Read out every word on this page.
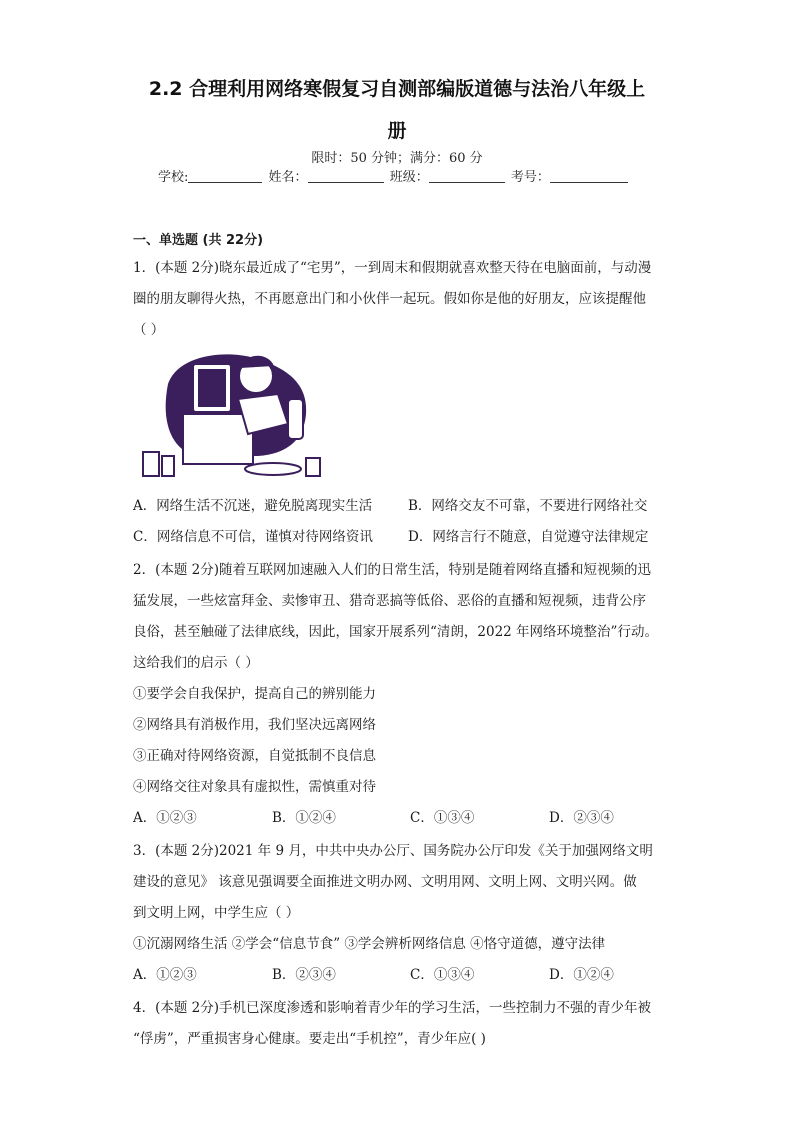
2.2 合理利用网络寒假复习自测部编版道德与法治八年级上
册
限时：50 分钟；满分：60 分
学校:	姓名：	班级：	考号：
一、单选题 (共 22分)
1．(本题 2分)晓东最近成了“宅男”，一到周末和假期就喜欢整天待在电脑面前，与动漫
圈的朋友聊得火热，不再愿意出门和小伙伴一起玩。假如你是他的好朋友，应该提醒他
（ ）
A．网络生活不沉迷，避免脱离现实生活	B．网络交友不可靠，不要进行网络社交
C．网络信息不可信，谨慎对待网络资讯	D．网络言行不随意，自觉遵守法律规定
2．(本题 2分)随着互联网加速融入人们的日常生活，特别是随着网络直播和短视频的迅
猛发展，一些炫富拜金、卖惨审丑、猎奇恶搞等低俗、恶俗的直播和短视频，违背公序
良俗，甚至触碰了法律底线，因此，国家开展系列“清朗，2022 年网络环境整治”行动。
这给我们的启示（ ）
①要学会自我保护，提高自己的辨别能力
②网络具有消极作用，我们坚决远离网络
③正确对待网络资源，自觉抵制不良信息
④网络交往对象具有虚拟性，需慎重对待
A．①②③	B．①②④	C．①③④	D．②③④
3．(本题 2分)2021 年 9 月，中共中央办公厅、国务院办公厅印发《关于加强网络文明
建设的意见》 该意见强调要全面推进文明办网、文明用网、文明上网、文明兴网。做
到文明上网，中学生应（ ）
①沉溺网络生活 ②学会“信息节食” ③学会辨析网络信息 ④恪守道德，遵守法律
A．①②③	B．②③④	C．①③④	D．①②④
4．(本题 2分)手机已深度渗透和影响着青少年的学习生活，一些控制力不强的青少年被
“俘虏”，严重损害身心健康。要走出“手机控”，青少年应( )
